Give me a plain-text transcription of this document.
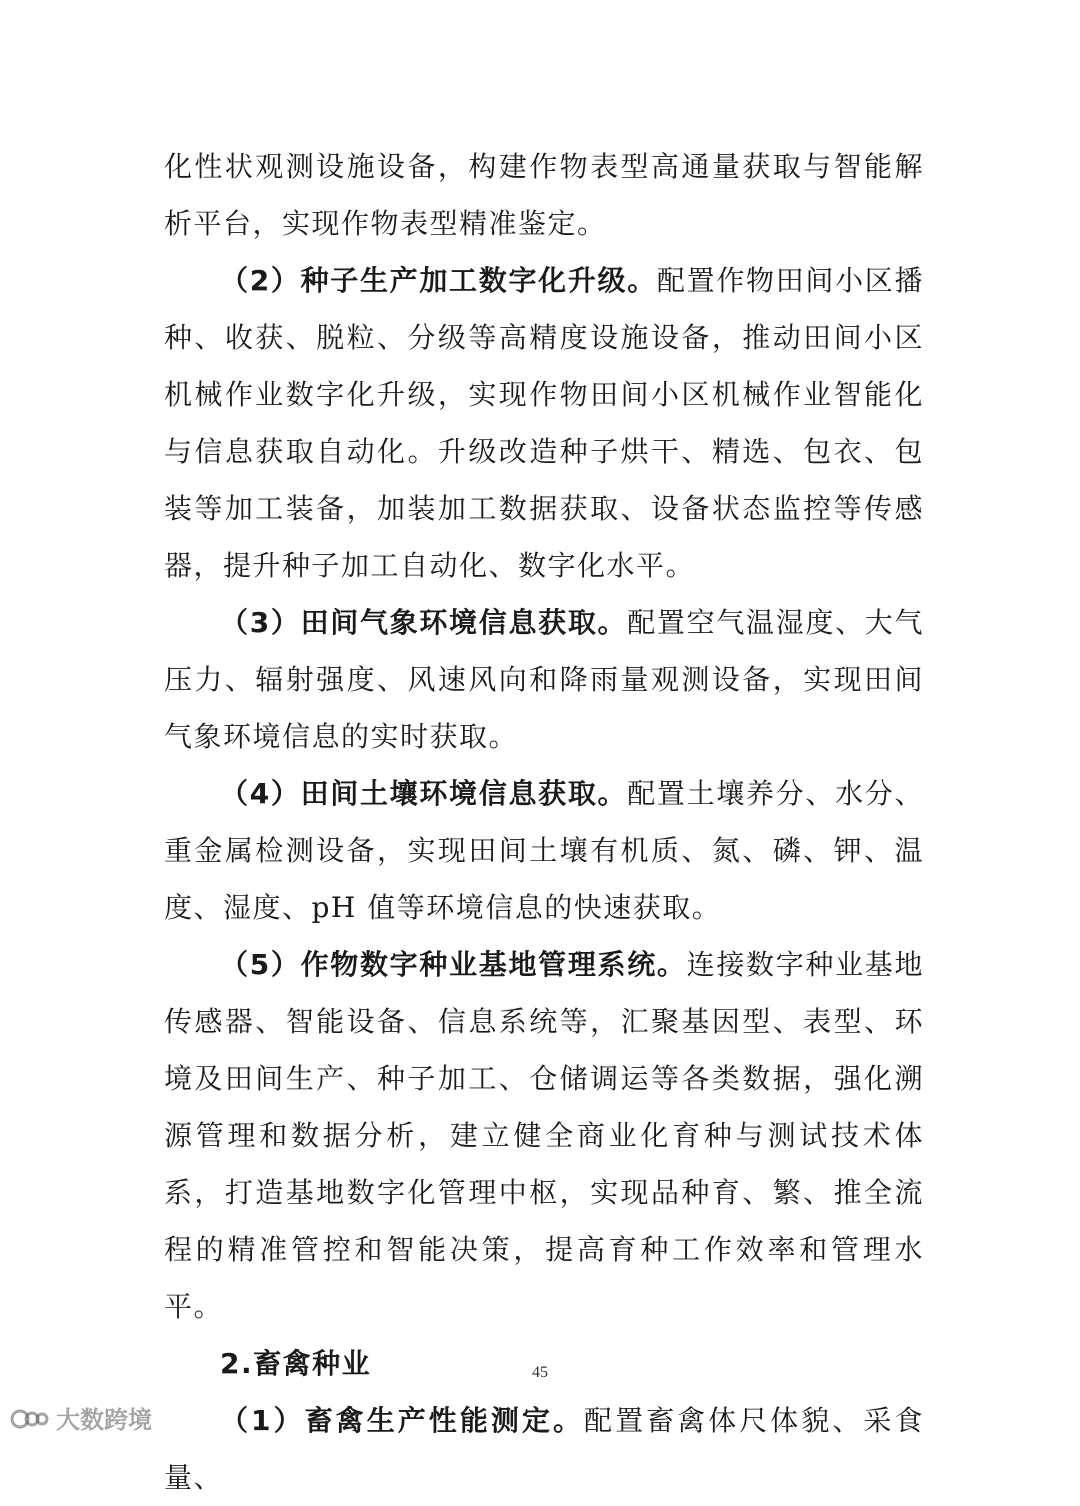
化性状观测设施设备，构建作物表型高通量获取与智能解析平台，实现作物表型精准鉴定。

（2）种子生产加工数字化升级。配置作物田间小区播种、收获、脱粒、分级等高精度设施设备，推动田间小区机械作业数字化升级，实现作物田间小区机械作业智能化与信息获取自动化。升级改造种子烘干、精选、包衣、包装等加工装备，加装加工数据获取、设备状态监控等传感器，提升种子加工自动化、数字化水平。

（3）田间气象环境信息获取。配置空气温湿度、大气压力、辐射强度、风速风向和降雨量观测设备，实现田间气象环境信息的实时获取。

（4）田间土壤环境信息获取。配置土壤养分、水分、重金属检测设备，实现田间土壤有机质、氮、磷、钾、温度、湿度、pH 值等环境信息的快速获取。

（5）作物数字种业基地管理系统。连接数字种业基地传感器、智能设备、信息系统等，汇聚基因型、表型、环境及田间生产、种子加工、仓储调运等各类数据，强化溯源管理和数据分析，建立健全商业化育种与测试技术体系，打造基地数字化管理中枢，实现品种育、繁、推全流程的精准管控和智能决策，提高育种工作效率和管理水平。

2.畜禽种业

（1）畜禽生产性能测定。配置畜禽体尺体貌、采食量、

45
大数跨境
